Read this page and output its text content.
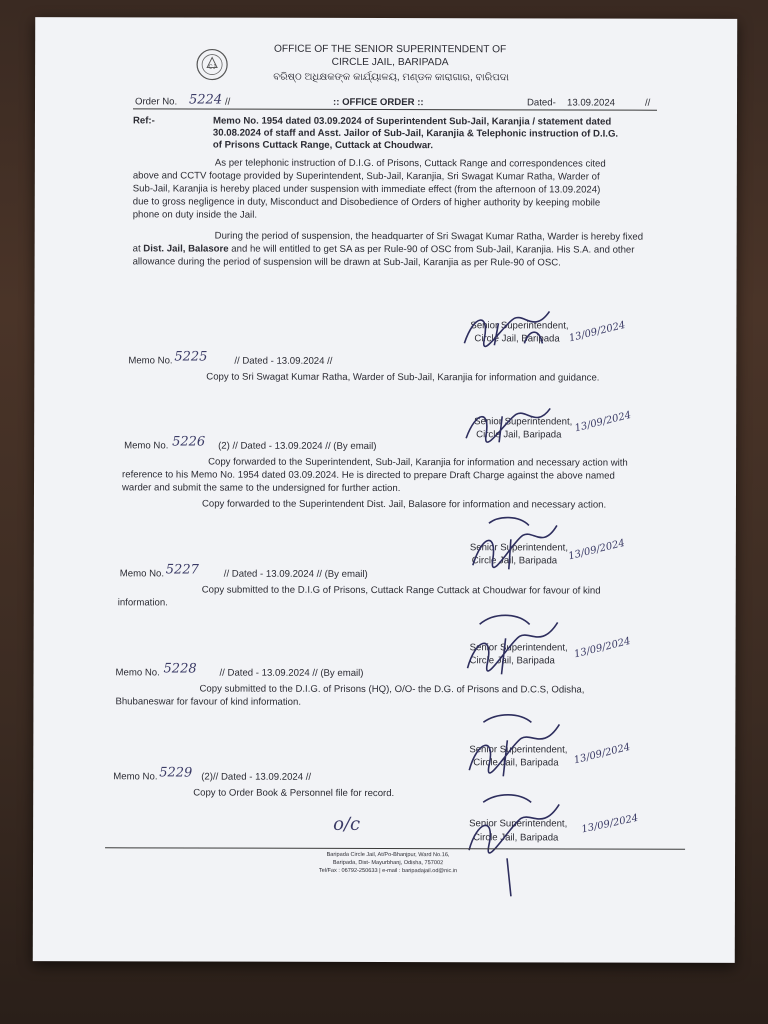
CJ
OFFICE OF THE SENIOR SUPERINTENDENT OF
CIRCLE JAIL, BARIPADA
ବରିଷ୍ଠ ଅଧିକ୍ଷକଙ୍କ କାର୍ଯ୍ୟାଳୟ, ମଣ୍ଡଳ କାରାଗାର, ବାରିପଦା
Order No. 5224 //	:: OFFICE ORDER ::	Dated- 13.09.2024	//
Ref:-	Memo No. 1954 dated 03.09.2024 of Superintendent Sub-Jail, Karanjia / statement dated
30.08.2024 of staff and Asst. Jailor of Sub-Jail, Karanjia & Telephonic instruction of D.I.G.
of Prisons Cuttack Range, Cuttack at Choudwar.
As per telephonic instruction of D.I.G. of Prisons, Cuttack Range and correspondences cited
above and CCTV footage provided by Superintendent, Sub-Jail, Karanjia, Sri Swagat Kumar Ratha, Warder of
Sub-Jail, Karanjia is hereby placed under suspension with immediate effect (from the afternoon of 13.09.2024)
due to gross negligence in duty, Misconduct and Disobedience of Orders of higher authority by keeping mobile
phone on duty inside the Jail.
During the period of suspension, the headquarter of Sri Swagat Kumar Ratha, Warder is hereby fixed
at Dist. Jail, Balasore and he will entitled to get SA as per Rule-90 of OSC from Sub-Jail, Karanjia. His S.A. and other
allowance during the period of suspension will be drawn at Sub-Jail, Karanjia as per Rule-90 of OSC.
Senior Superintendent,
Circle Jail, Baripada 13/09/2024
Memo No. 5225	// Dated - 13.09.2024 //
Copy to Sri Swagat Kumar Ratha, Warder of Sub-Jail, Karanjia for information and guidance.
Senior Superintendent,
Circle Jail, Baripada
13/09/2024
Memo No. 5226 (2) // Dated - 13.09.2024 // (By email)
Copy forwarded to the Superintendent, Sub-Jail, Karanjia for information and necessary action with
reference to his Memo No. 1954 dated 03.09.2024. He is directed to prepare Draft Charge against the above named
warder and submit the same to the undersigned for further action.
Copy forwarded to the Superintendent Dist. Jail, Balasore for information and necessary action.
Senior Superintendent,
Circle Jail, Baripada 13/09/2024
Memo No. 5227	// Dated - 13.09.2024 // (By email)
Copy submitted to the D.I.G of Prisons, Cuttack Range Cuttack at Choudwar for favour of kind
information.
Senior Superintendent,
Circle Jail, Baripada
13/09/2024
Memo No. 5228 // Dated - 13.09.2024 // (By email)
Copy submitted to the D.I.G. of Prisons (HQ), O/O- the D.G. of Prisons and D.C.S, Odisha,
Bhubaneswar for favour of kind information.
Senior Superintendent,
Circle Jail, Baripada 13/09/2024
Memo No. 5229 (2)// Dated - 13.09.2024 //
Copy to Order Book & Personnel file for record.
Senior Superintendent,
Circle Jail, Baripada
13/09/2024
o/c
Baripada Circle Jail, At/Po-Bhanjpur, Ward No.16,
Baripada, Dist- Mayurbhanj, Odisha, 757002
Tel/Fax : 06792-250633 | e-mail : baripadajail.od@nic.in
